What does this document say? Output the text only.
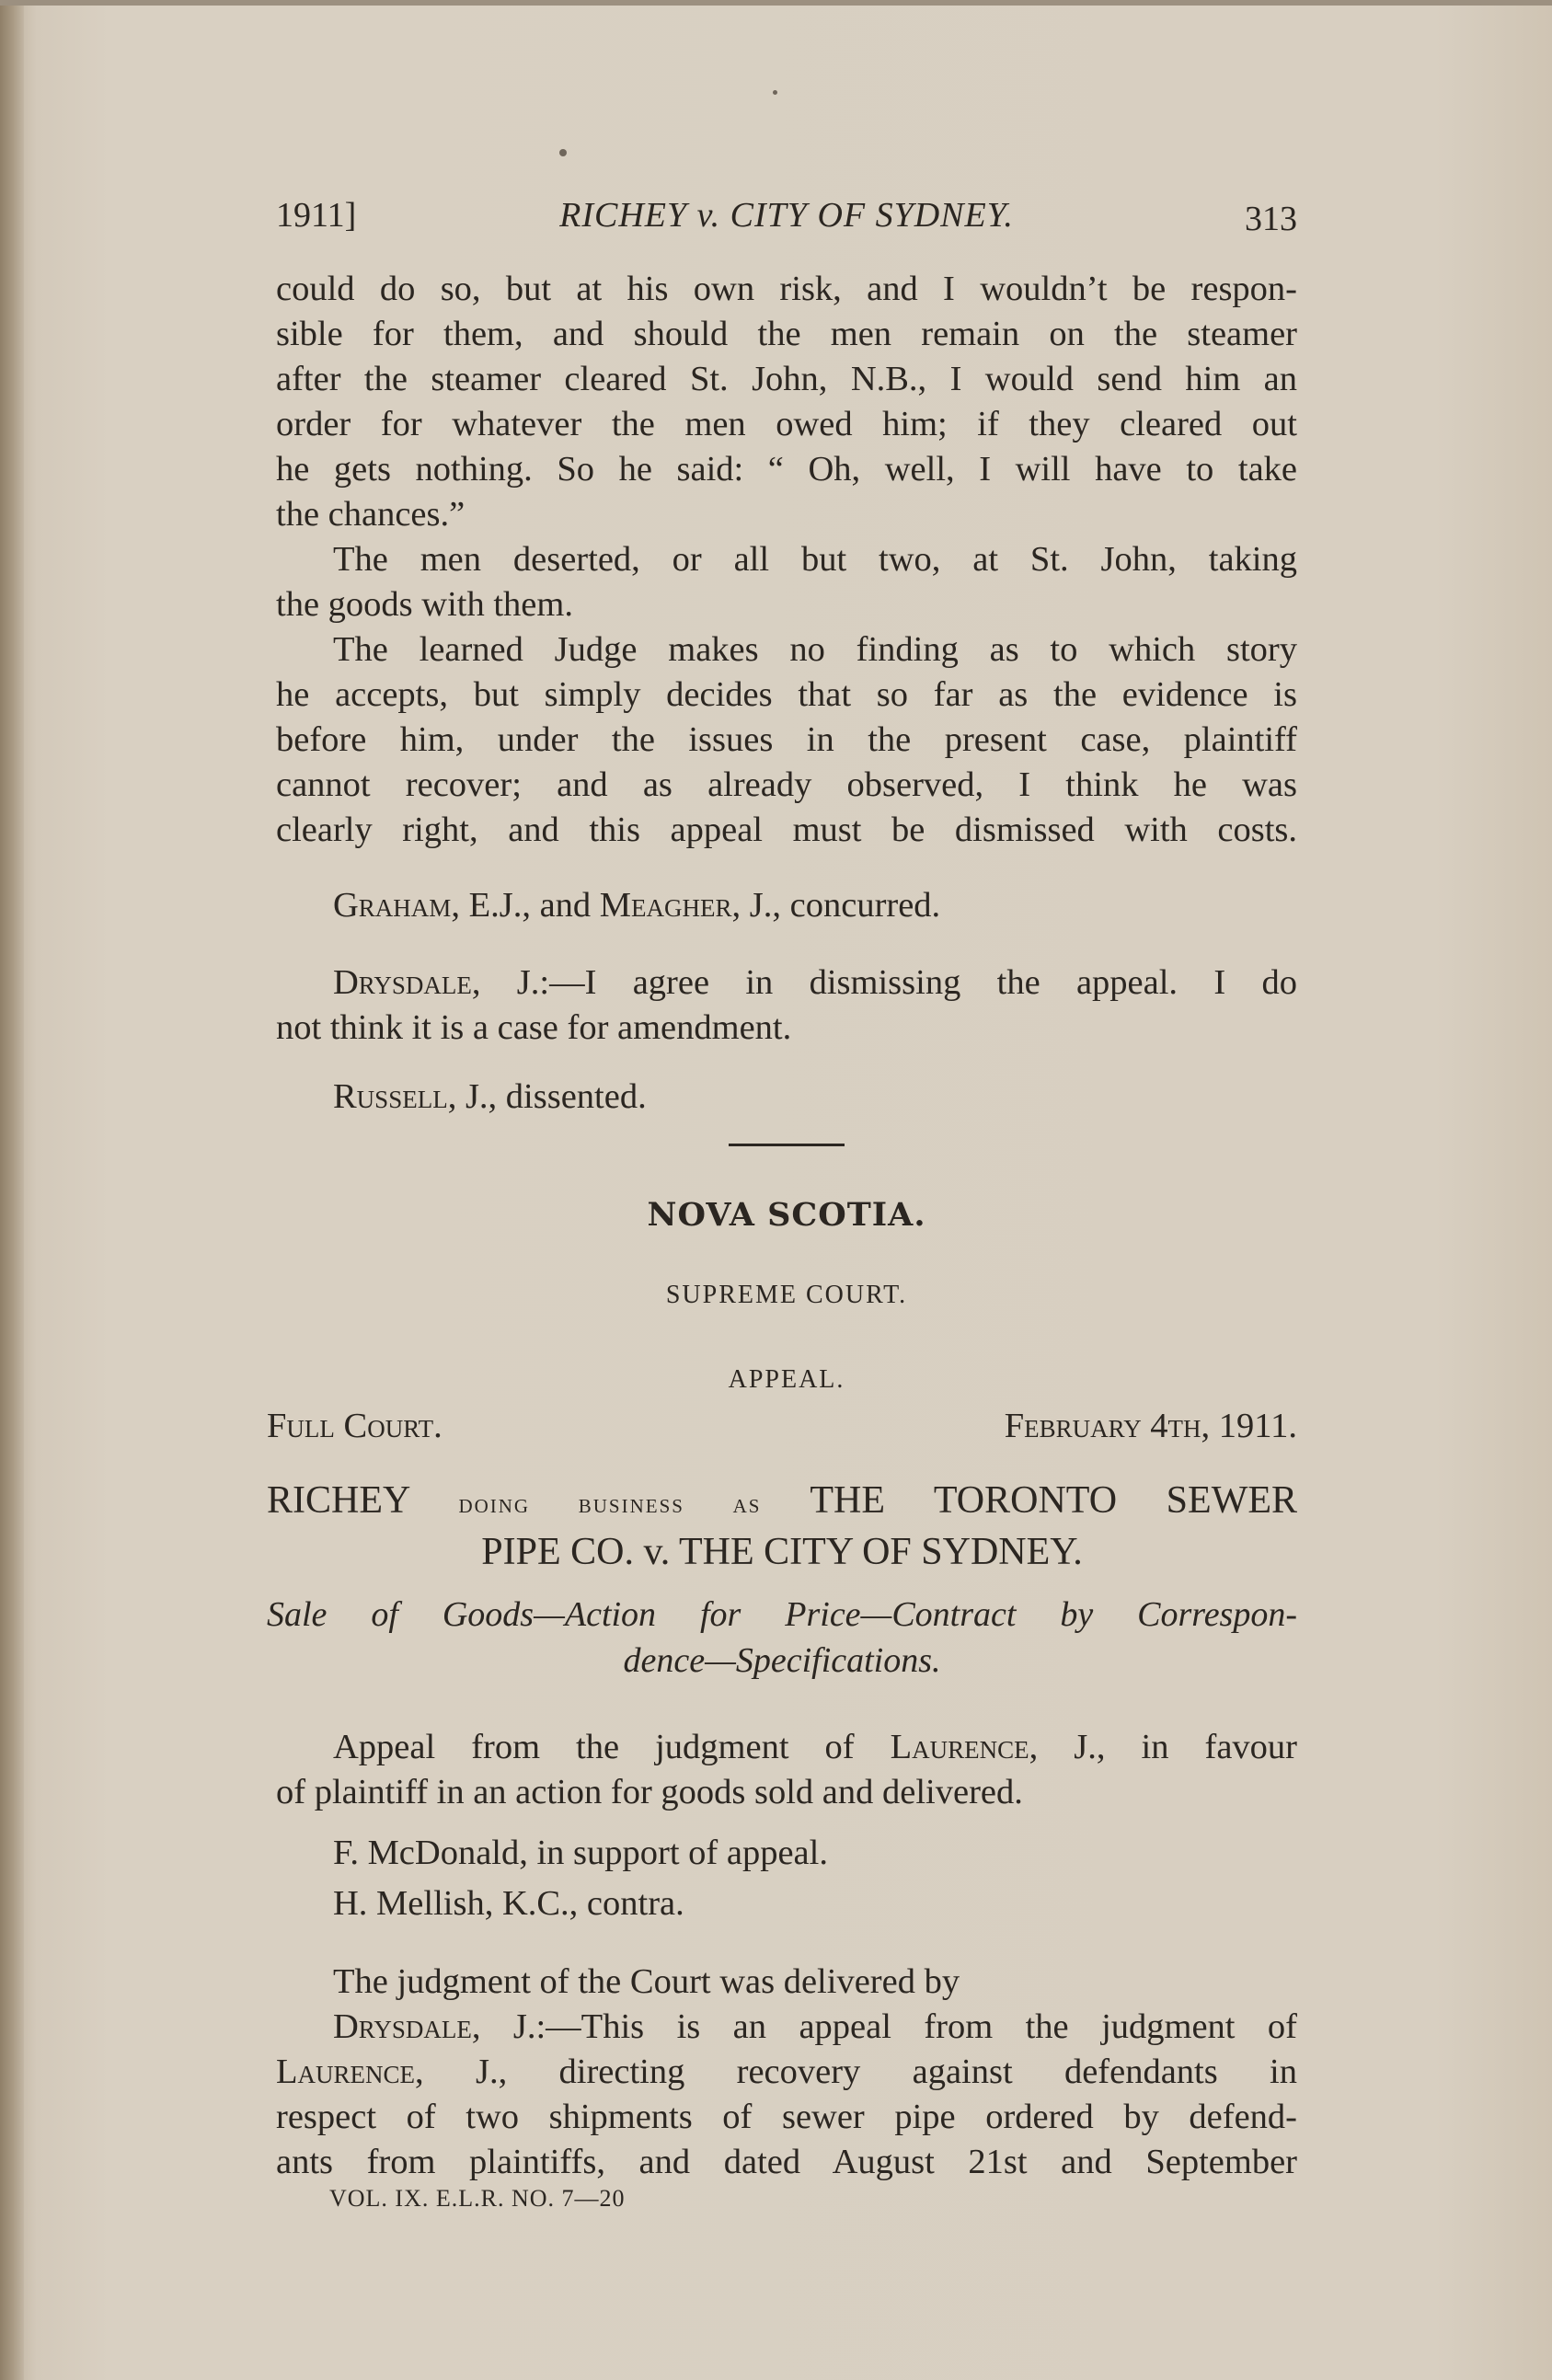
1911]	RICHEY v. CITY OF SYDNEY.	313
could do so, but at his own risk, and I wouldn’t be respon-
sible for them, and should the men remain on the steamer
after the steamer cleared St. John, N.B., I would send him an
order for whatever the men owed him; if they cleared out
he gets nothing. So he said: “ Oh, well, I will have to take
the chances.”
The men deserted, or all but two, at St. John, taking
the goods with them.
The learned Judge makes no finding as to which story
he accepts, but simply decides that so far as the evidence is
before him, under the issues in the present case, plaintiff
cannot recover; and as already observed, I think he was
clearly right, and this appeal must be dismissed with costs.
Graham, E.J., and Meagher, J., concurred.
Drysdale, J.:—I agree in dismissing the appeal. I do
not think it is a case for amendment.
Russell, J., dissented.
NOVA SCOTIA.
SUPREME COURT.
APPEAL.
Full Court.	February 4th, 1911.
RICHEY doing business as THE TORONTO SEWER
PIPE CO. v. THE CITY OF SYDNEY.
Sale of Goods—Action for Price—Contract by Correspon-
dence—Specifications.
Appeal from the judgment of Laurence, J., in favour
of plaintiff in an action for goods sold and delivered.
F. McDonald, in support of appeal.
H. Mellish, K.C., contra.
The judgment of the Court was delivered by
Drysdale, J.:—This is an appeal from the judgment of
Laurence, J., directing recovery against defendants in
respect of two shipments of sewer pipe ordered by defend-
ants from plaintiffs, and dated August 21st and September
VOL. IX. E.L.R. NO. 7—20
